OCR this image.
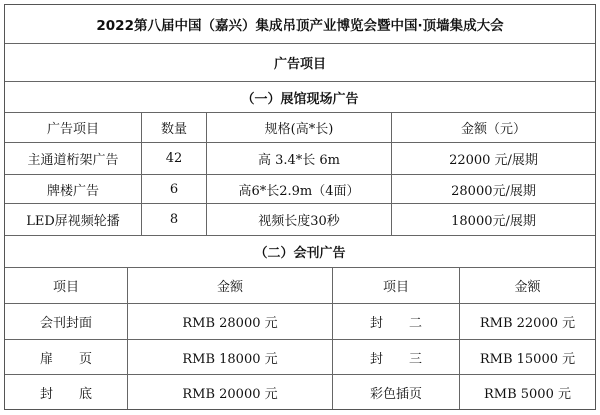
2022第八届中国（嘉兴）集成吊顶产业博览会暨中国·顶墙集成大会
广告项目
（一）展馆现场广告
广告项目	数量	规格(高*长)	金额（元）
主通道桁架广告	42	高 3.4*长 6m	22000 元/展期
牌楼广告	6	高6*长2.9m（4面）	28000元/展期
LED屏视频轮播	8	视频长度30秒	18000元/展期
（二）会刊广告
项目	金额	项目	金额
会刊封面	RMB 28000 元	封　　二	RMB 22000 元
扉　　页	RMB 18000 元	封　　三	RMB 15000 元
封　　底	RMB 20000 元	彩色插页	RMB 5000 元
